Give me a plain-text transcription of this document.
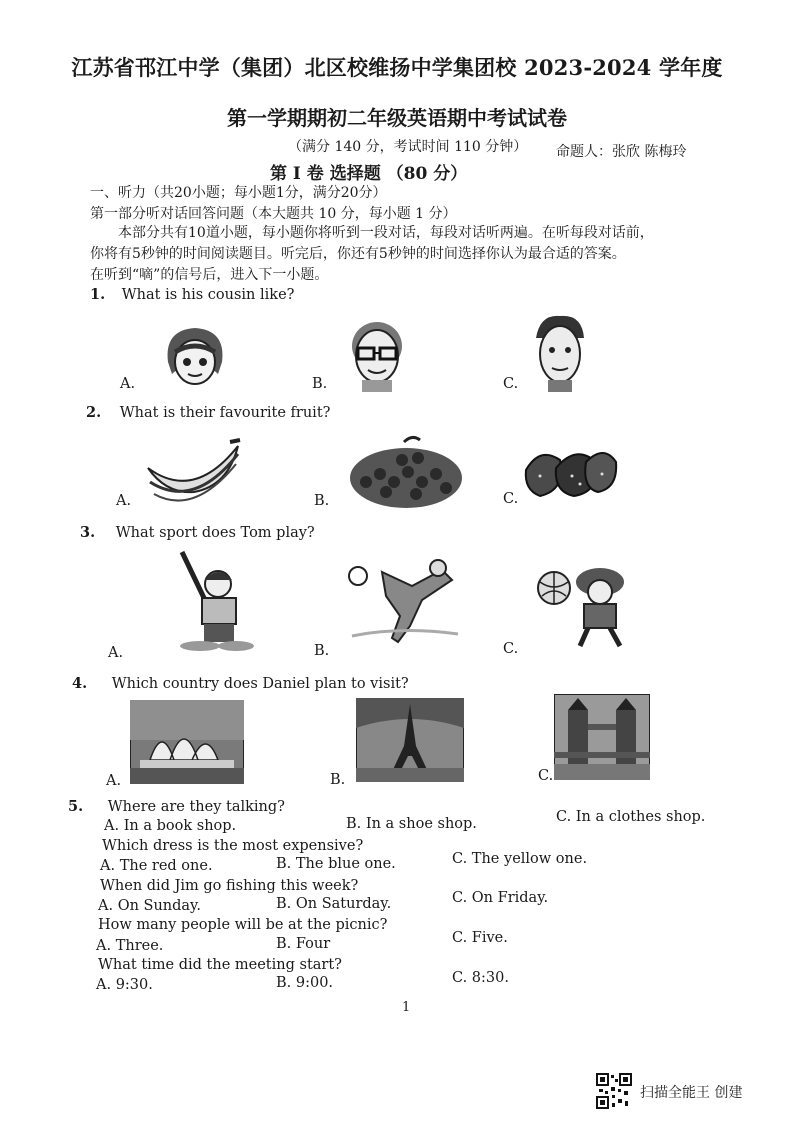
江苏省邗江中学（集团）北区校维扬中学集团校 2023-2024 学年度
第一学期期初二年级英语期中考试试卷
（满分 140 分，考试时间 110 分钟） 命题人：张欣 陈梅玲
第 I 卷 选择题 （80 分）
一、听力（共20小题；每小题1分，满分20分）
第一部分听对话回答问题（本大题共 10 分，每小题 1 分）
本部分共有10道小题，每小题你将听到一段对话，每段对话听两遍。在听每段对话前，
你将有5秒钟的时间阅读题目。听完后，你还有5秒钟的时间选择你认为最合适的答案。
在听到“嘀”的信号后，进入下一小题。
1. What is his cousin like?
A.	B.	C.
2. What is their favourite fruit?
A.	B.	C.
3. What sport does Tom play?
A.	B.	C.
4. Which country does Daniel plan to visit?
A.	B.	C.
5. Where are they talking?
A. In a book shop.	B. In a shoe shop.	C. In a clothes shop.
Which dress is the most expensive?
A. The red one.	B. The blue one.	C. The yellow one.
When did Jim go fishing this week?
A. On Sunday.	B. On Saturday.	C. On Friday.
How many people will be at the picnic?
A. Three.	B. Four	C. Five.
What time did the meeting start?
A. 9:30.	B. 9:00.	C. 8:30.
1
扫描全能王 创建
